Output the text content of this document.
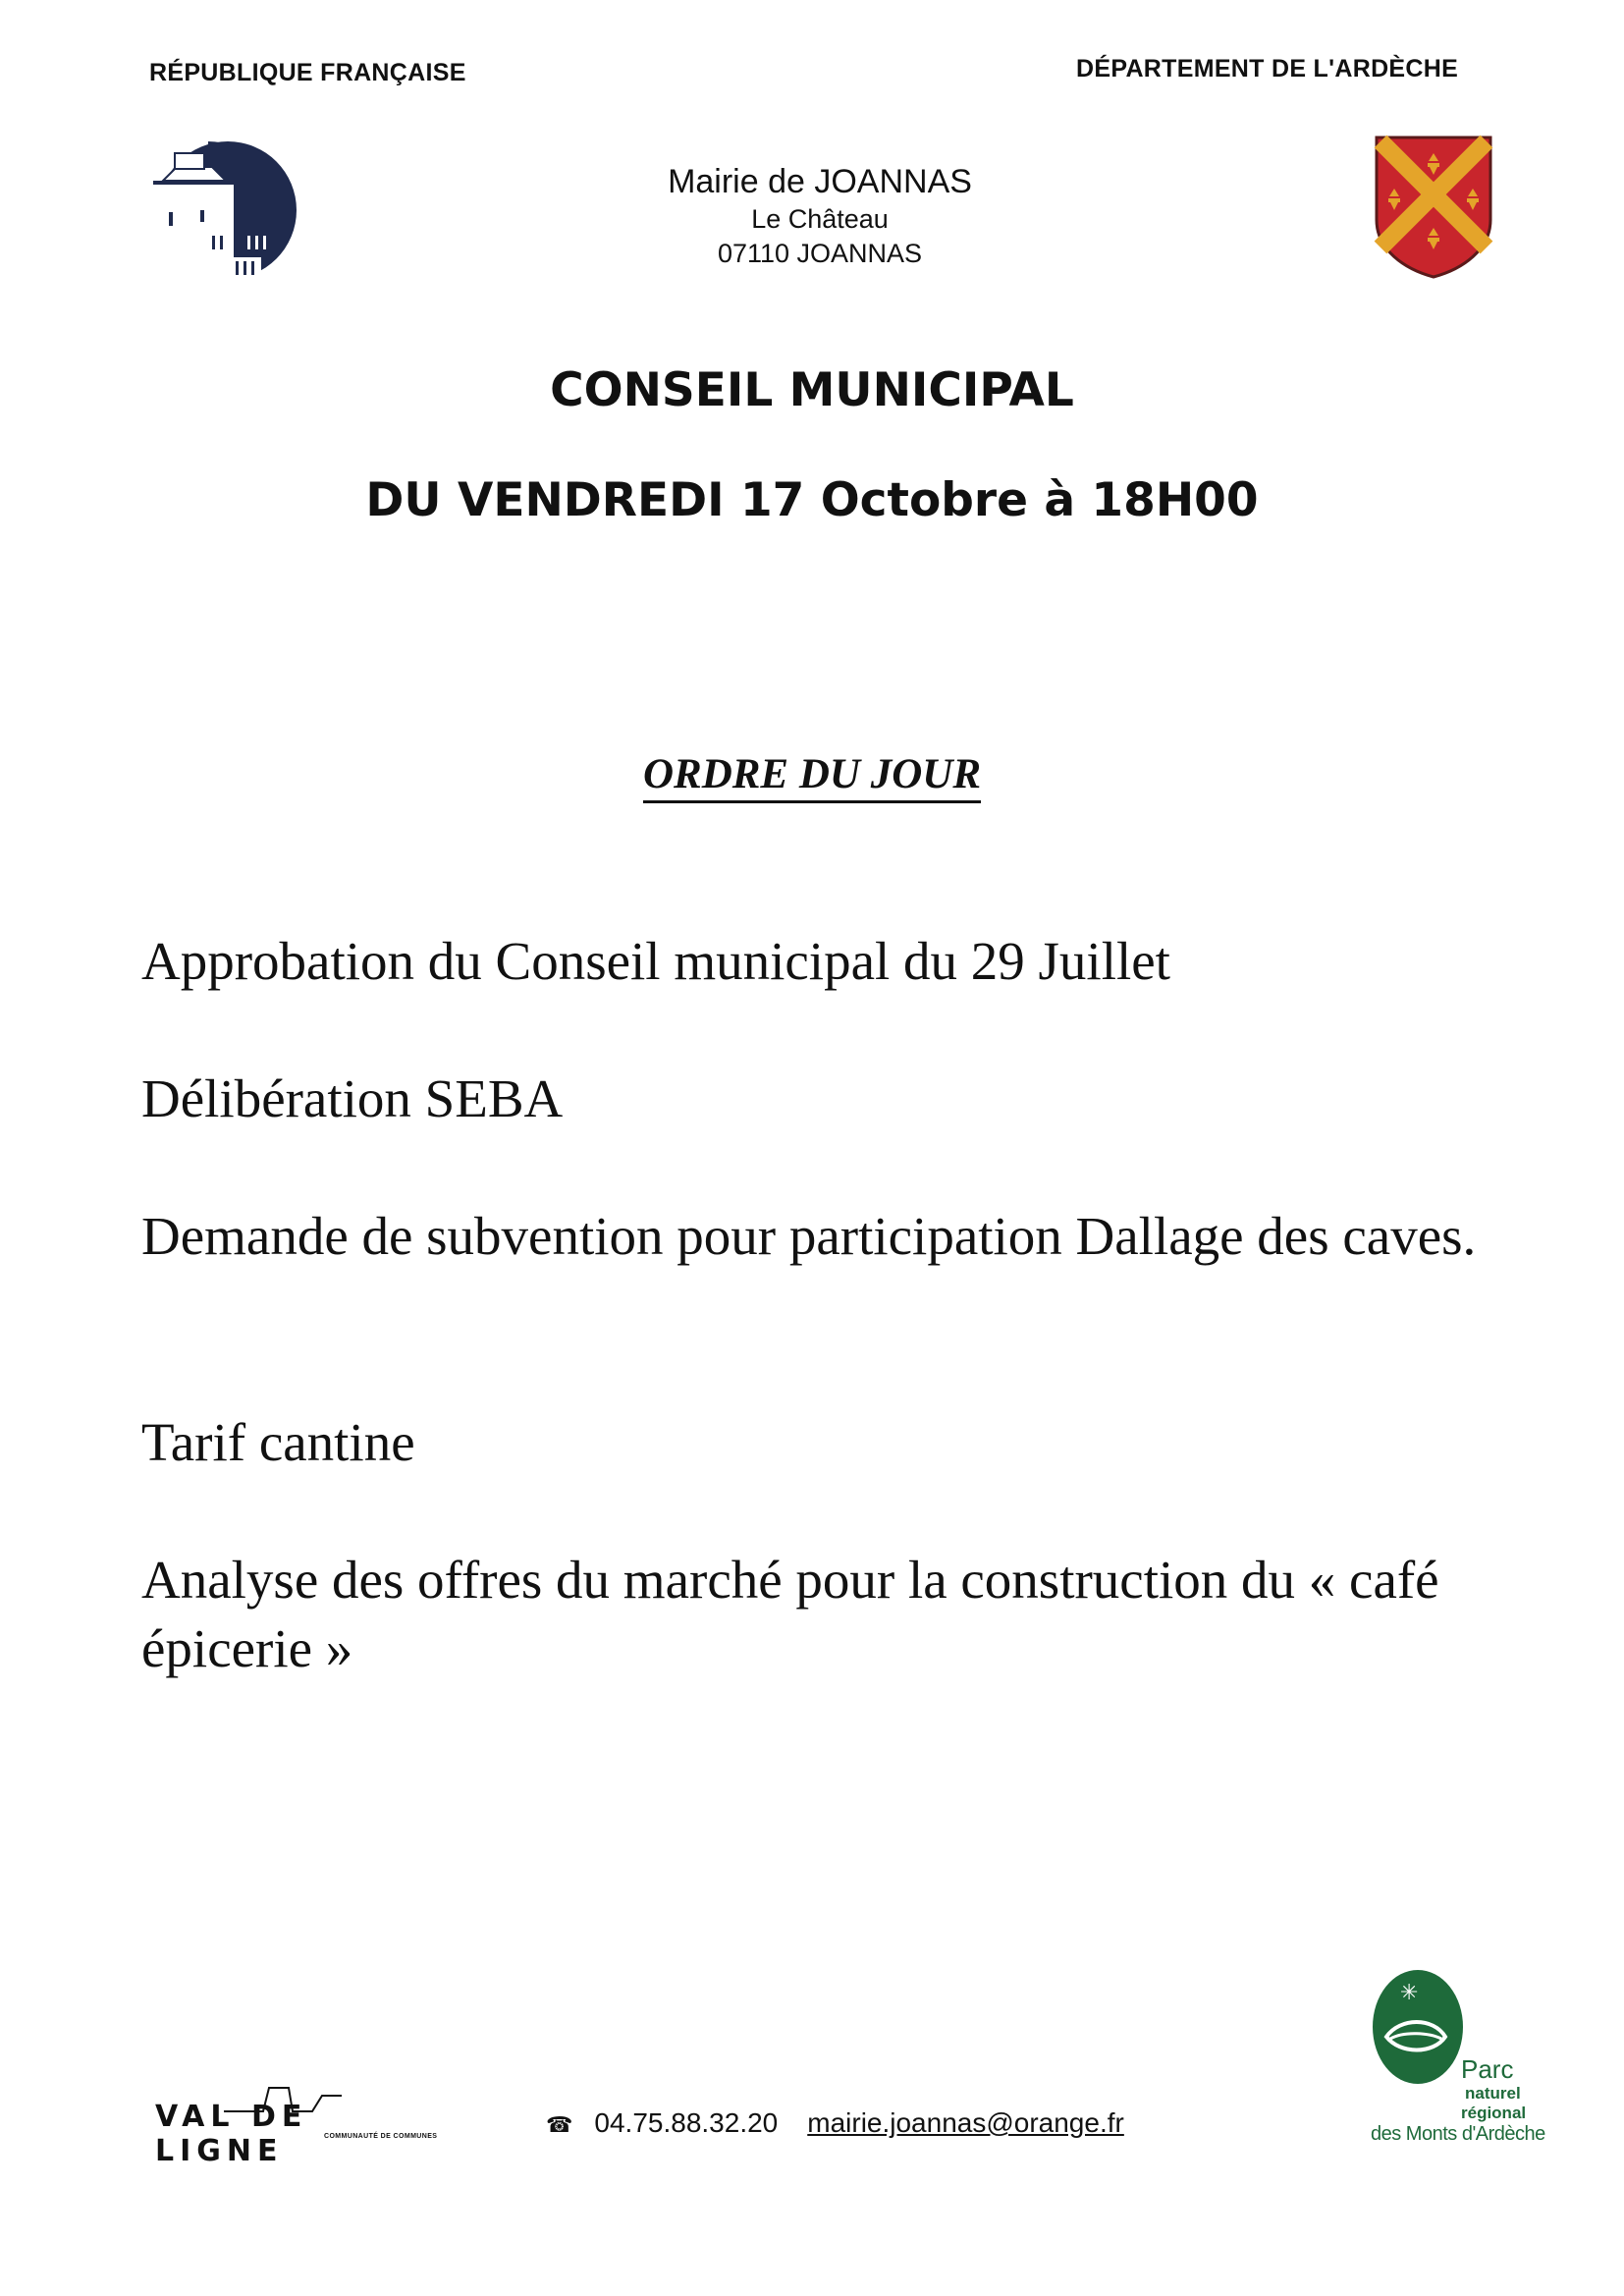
RÉPUBLIQUE FRANÇAISE	DÉPARTEMENT DE L'ARDÈCHE
Mairie de JOANNAS
Le Château
07110 JOANNAS
CONSEIL MUNICIPAL
DU VENDREDI 17 Octobre à 18H00
ORDRE DU JOUR
Approbation du Conseil municipal du 29 Juillet
Délibération SEBA
Demande de subvention pour participation Dallage des caves.
Tarif cantine
Analyse des offres du marché pour la construction du « café épicerie »
VAL DE LIGNE	COMMUNAUTÉ DE COMMUNES	☎ 04.75.88.32.20 mairie.joannas@orange.fr
✳
Parc
naturel
régional
des Monts d'Ardèche
